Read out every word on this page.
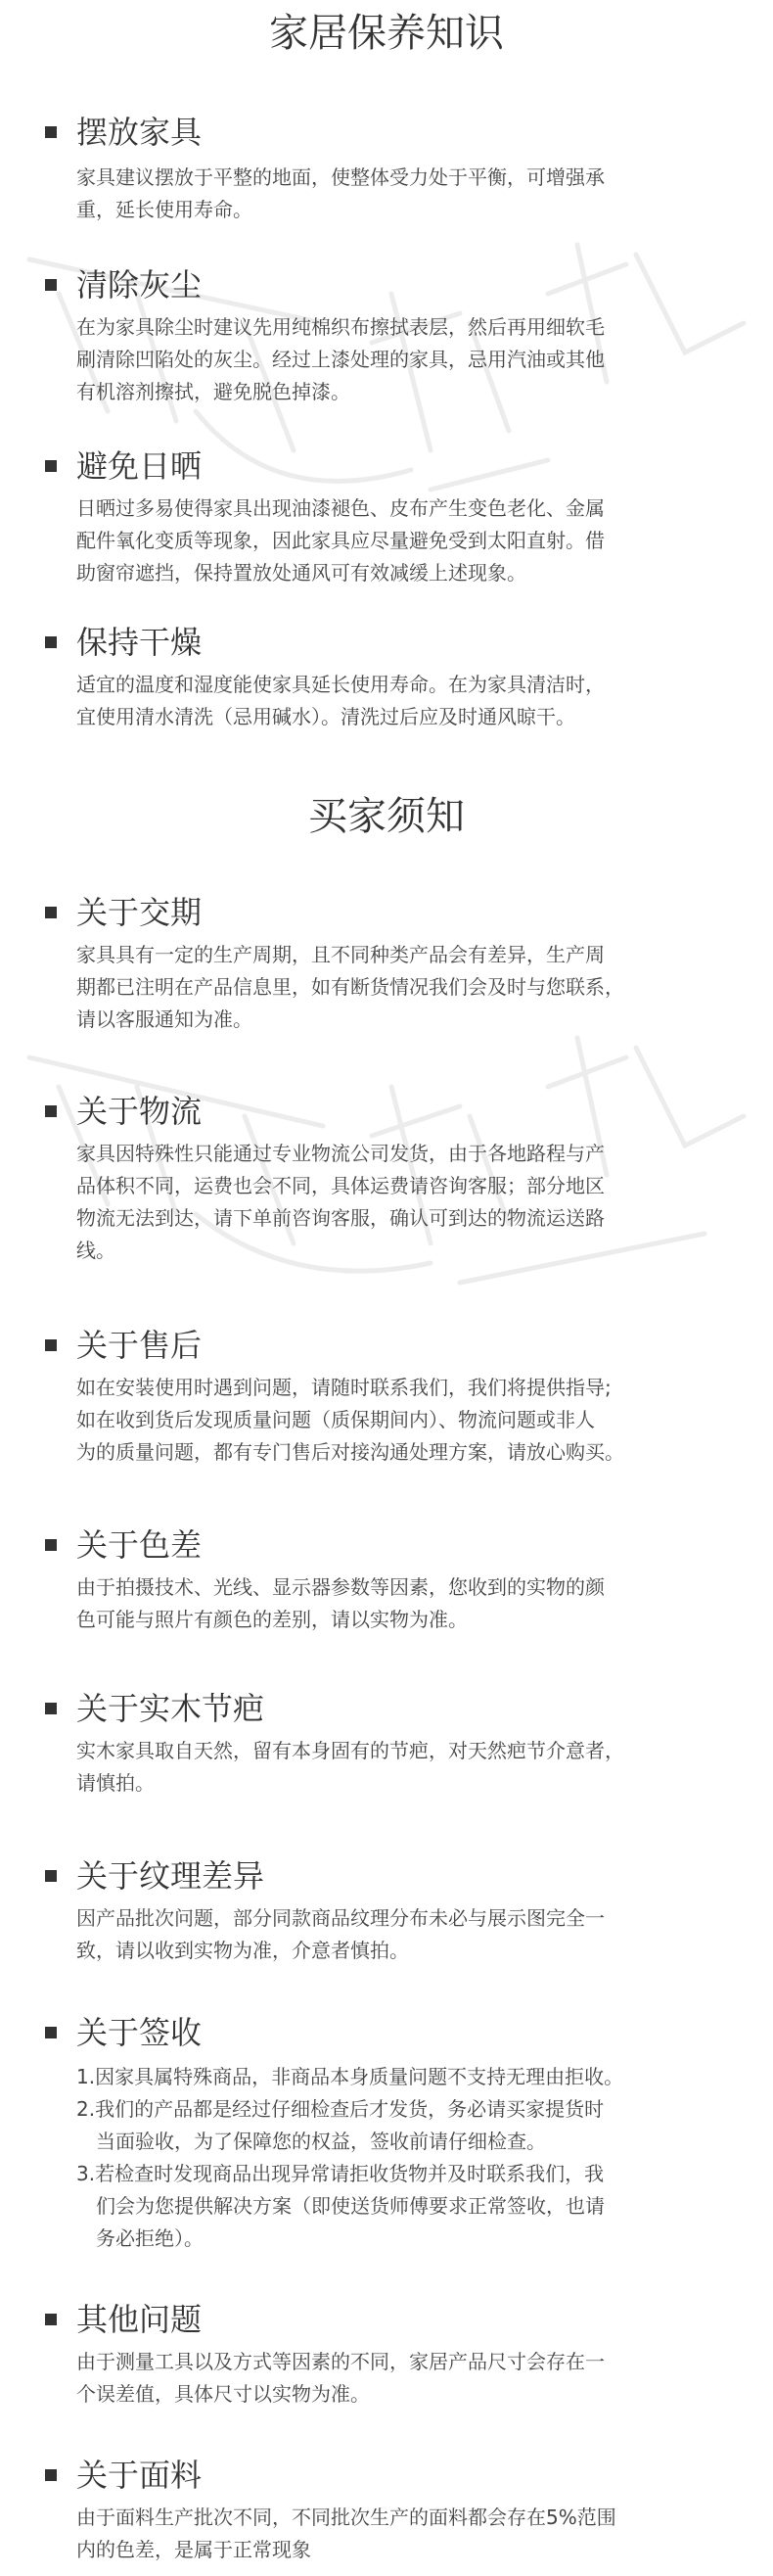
家居保养知识
摆放家具
家具建议摆放于平整的地面，使整体受力处于平衡，可增强承
重，延长使用寿命。
清除灰尘
在为家具除尘时建议先用纯棉织布擦拭表层，然后再用细软毛
刷清除凹陷处的灰尘。经过上漆处理的家具，忌用汽油或其他
有机溶剂擦拭，避免脱色掉漆。
避免日晒
日晒过多易使得家具出现油漆褪色、皮布产生变色老化、金属
配件氧化变质等现象，因此家具应尽量避免受到太阳直射。借
助窗帘遮挡，保持置放处通风可有效减缓上述现象。
保持干燥
适宜的温度和湿度能使家具延长使用寿命。在为家具清洁时，
宜使用清水清洗（忌用碱水）。清洗过后应及时通风晾干。
买家须知
关于交期
家具具有一定的生产周期，且不同种类产品会有差异，生产周
期都已注明在产品信息里，如有断货情况我们会及时与您联系，
请以客服通知为准。
关于物流
家具因特殊性只能通过专业物流公司发货，由于各地路程与产
品体积不同，运费也会不同，具体运费请咨询客服；部分地区
物流无法到达，请下单前咨询客服，确认可到达的物流运送路
线。
关于售后
如在安装使用时遇到问题，请随时联系我们，我们将提供指导;
如在收到货后发现质量问题（质保期间内）、物流问题或非人
为的质量问题，都有专门售后对接沟通处理方案，请放心购买。
关于色差
由于拍摄技术、光线、显示器参数等因素，您收到的实物的颜
色可能与照片有颜色的差别，请以实物为准。
关于实木节疤
实木家具取自天然，留有本身固有的节疤，对天然疤节介意者，
请慎拍。
关于纹理差异
因产品批次问题，部分同款商品纹理分布未必与展示图完全一
致，请以收到实物为准，介意者慎拍。
关于签收
1.因家具属特殊商品，非商品本身质量问题不支持无理由拒收。
2.我们的产品都是经过仔细检查后才发货，务必请买家提货时
当面验收，为了保障您的权益，签收前请仔细检查。
3.若检查时发现商品出现异常请拒收货物并及时联系我们，我
们会为您提供解决方案（即使送货师傅要求正常签收，也请
务必拒绝）。
其他问题
由于测量工具以及方式等因素的不同，家居产品尺寸会存在一
个误差值，具体尺寸以实物为准。
关于面料
由于面料生产批次不同，不同批次生产的面料都会存在5%范围
内的色差，是属于正常现象
